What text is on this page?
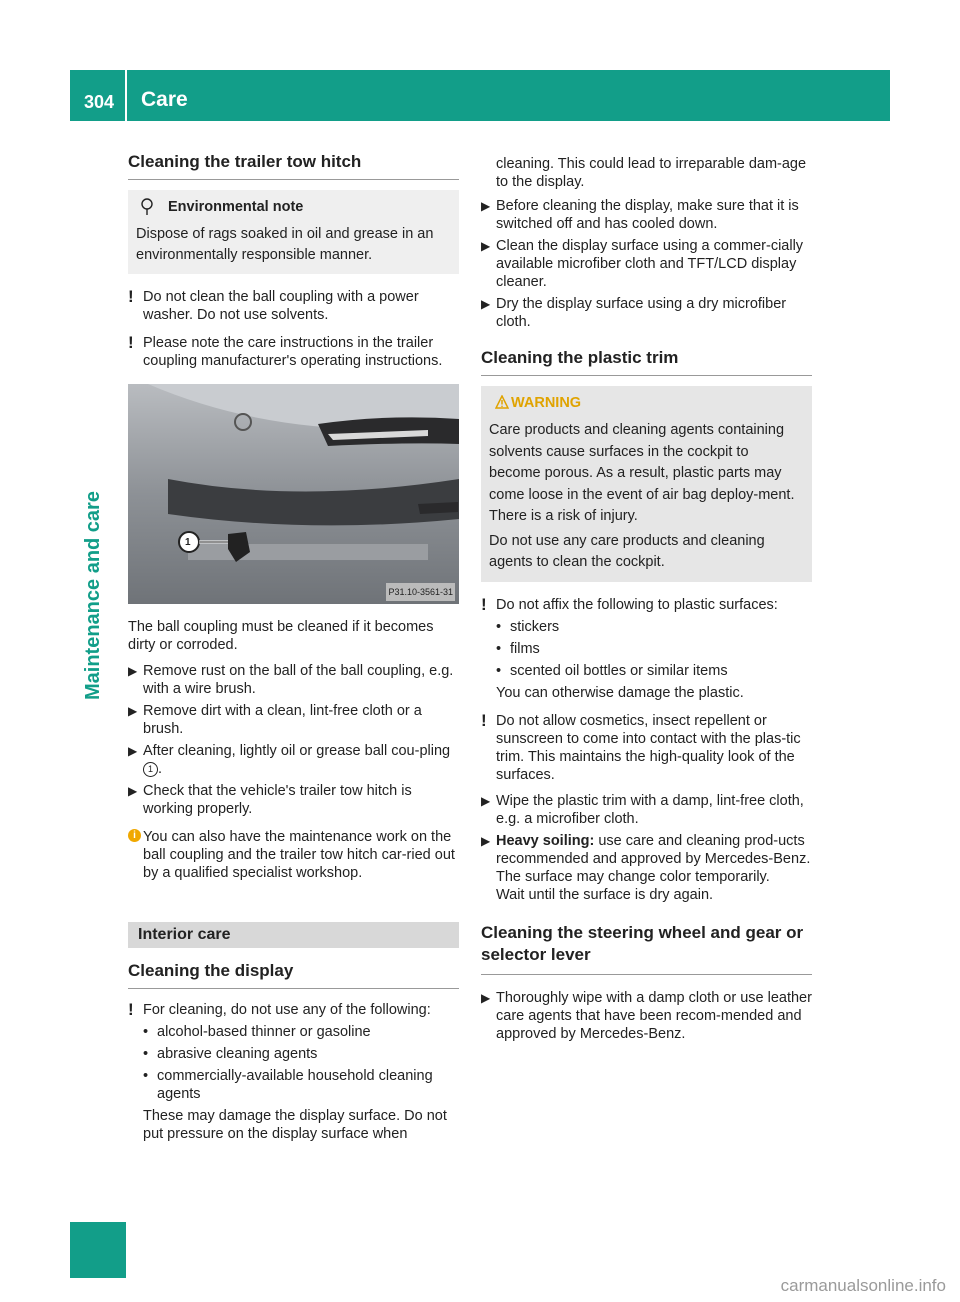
304 Care
Maintenance and care
Cleaning the trailer tow hitch
Environmental note

Dispose of rags soaked in oil and grease in an environmentally responsible manner.

! Do not clean the ball coupling with a power washer. Do not use solvents.

! Please note the care instructions in the trailer coupling manufacturer's operating instructions.

1
P31.10-3561-31

The ball coupling must be cleaned if it becomes dirty or corroded.

▶ Remove rust on the ball of the ball coupling, e.g. with a wire brush.

▶ Remove dirt with a clean, lint-free cloth or a brush.

▶ After cleaning, lightly oil or grease ball cou-pling 1 .

▶ Check that the vehicle's trailer tow hitch is working properly.

i You can also have the maintenance work on the ball coupling and the trailer tow hitch car-ried out by a qualified specialist workshop.

Interior care
Cleaning the display

! For cleaning, do not use any of the following:

• alcohol-based thinner or gasoline

• abrasive cleaning agents

• commercially-available household cleaning agents

These may damage the display surface. Do not put pressure on the display surface when

cleaning. This could lead to irreparable dam-age to the display.

▶ Before cleaning the display, make sure that it is switched off and has cooled down.

▶ Clean the display surface using a commer-cially available microfiber cloth and TFT/LCD display cleaner.

▶ Dry the display surface using a dry microfiber cloth.

Cleaning the plastic trim
WARNING

Care products and cleaning agents containing solvents cause surfaces in the cockpit to become porous. As a result, plastic parts may come loose in the event of air bag deploy-ment. There is a risk of injury.

Do not use any care products and cleaning agents to clean the cockpit.

! Do not affix the following to plastic surfaces:

• stickers

• films

• scented oil bottles or similar items

You can otherwise damage the plastic.

! Do not allow cosmetics, insect repellent or sunscreen to come into contact with the plas-tic trim. This maintains the high-quality look of the surfaces.

▶ Wipe the plastic trim with a damp, lint-free cloth, e.g. a microfiber cloth.

▶ Heavy soiling: use care and cleaning prod-ucts recommended and approved by Mercedes-Benz.
The surface may change color temporarily.
Wait until the surface is dry again.

Cleaning the steering wheel and gear or selector lever

▶ Thoroughly wipe with a damp cloth or use leather care agents that have been recom-mended and approved by Mercedes-Benz.

carmanualsonline.info
